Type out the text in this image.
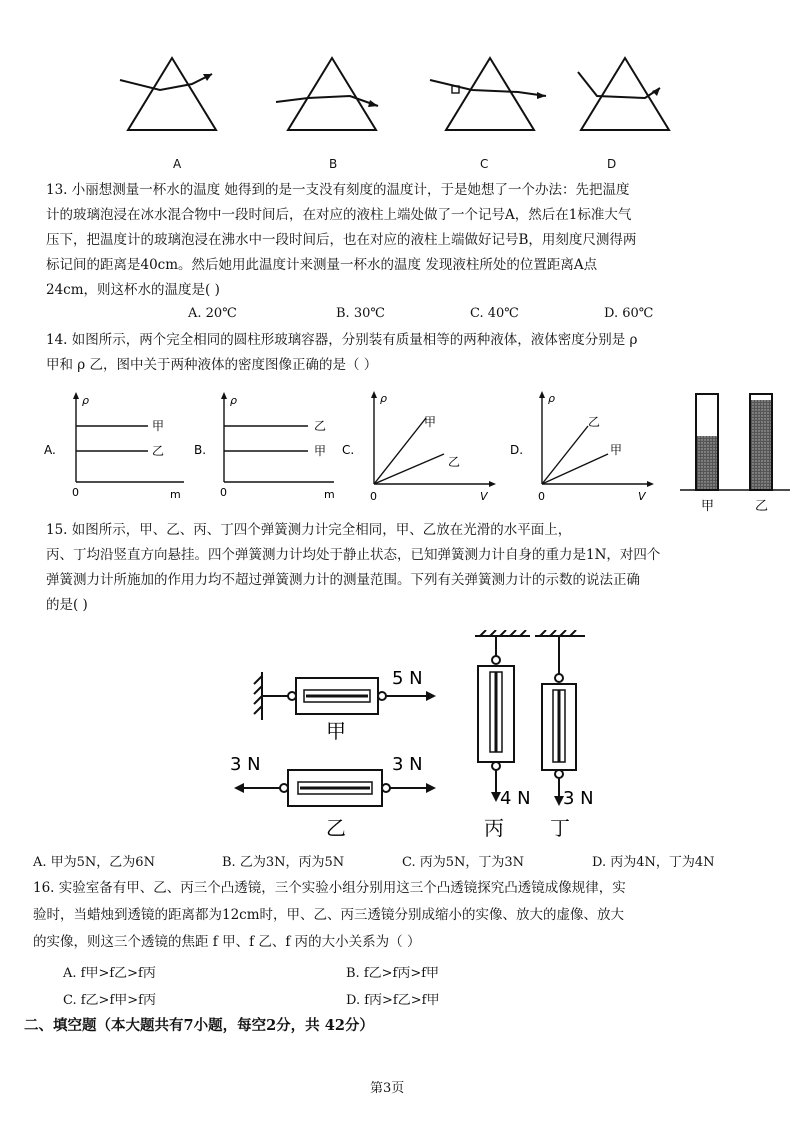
A	B	C	D
13. 小丽想测量一杯水的温度 她得到的是一支没有刻度的温度计，于是她想了一个办法：先把温度
计的玻璃泡浸在冰水混合物中一段时间后，在对应的液柱上端处做了一个记号A，然后在1标准大气
压下，把温度计的玻璃泡浸在沸水中一段时间后，也在对应的液柱上端做好记号B，用刻度尺测得两
标记间的距离是40cm。然后她用此温度计来测量一杯水的温度 发现液柱所处的位置距离A点
24cm，则这杯水的温度是( )
A. 20℃	B. 30℃	C. 40℃	D. 60℃
14. 如图所示，两个完全相同的圆柱形玻璃容器，分别装有质量相等的两种液体，液体密度分别是 ρ
甲和 ρ 乙，图中关于两种液体的密度图像正确的是（ ）
A.
ρ
甲
乙
0	m
B.
ρ
乙
甲
0	m
C.
ρ
甲
乙
0	V
D.
ρ
乙
甲
0	V
甲	乙
15. 如图所示，甲、乙、丙、丁四个弹簧测力计完全相同，甲、乙放在光滑的水平面上，
丙、丁均沿竖直方向悬挂。四个弹簧测力计均处于静止状态，已知弹簧测力计自身的重力是1N，对四个
弹簧测力计所施加的作用力均不超过弹簧测力计的测量范围。下列有关弹簧测力计的示数的说法正确
的是( )
5 N
甲
3 N	3 N
乙
4 N 3 N
丙 丁
A. 甲为5N，乙为6N	B. 乙为3N，丙为5N	C. 丙为5N，丁为3N	D. 丙为4N，丁为4N
16. 实验室备有甲、乙、丙三个凸透镜，三个实验小组分别用这三个凸透镜探究凸透镜成像规律，实
验时，当蜡烛到透镜的距离都为12cm时，甲、乙、丙三透镜分别成缩小的实像、放大的虚像、放大
的实像，则这三个透镜的焦距 f 甲、f 乙、f 丙的大小关系为（ ）
A. f甲>f乙>f丙	B. f乙>f丙>f甲
C. f乙>f甲>f丙	D. f丙>f乙>f甲
二、填空题（本大题共有7小题，每空2分，共 42分）
第3页
